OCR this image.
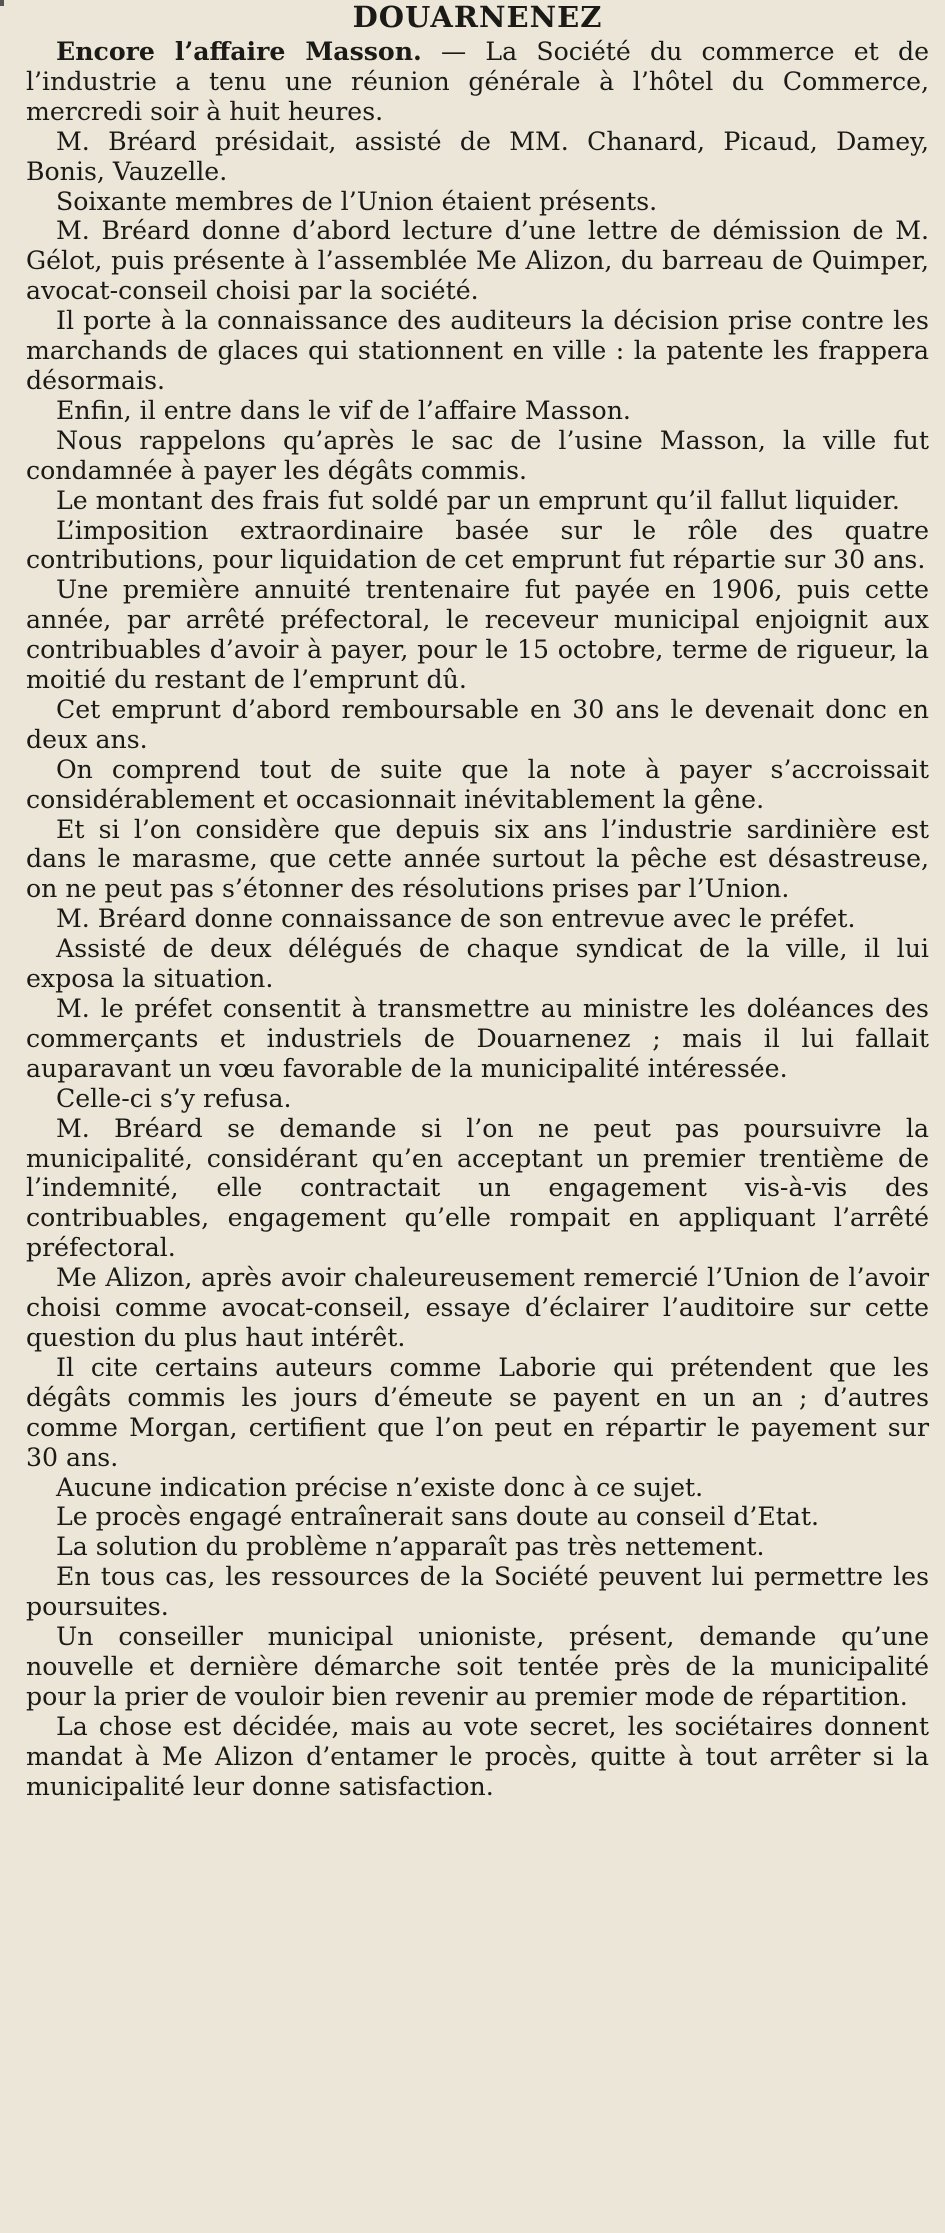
DOUARNENEZ

Encore l’affaire Masson. — La Société du commerce et de l’industrie a tenu une réunion générale à l’hôtel du Commerce, mercredi soir à huit heures.

M. Bréard présidait, assisté de MM. Chanard, Picaud, Damey, Bonis, Vauzelle.

Soixante membres de l’Union étaient présents.

M. Bréard donne d’abord lecture d’une lettre de démission de M. Gélot, puis présente à l’assemblée Me Alizon, du barreau de Quimper, avocat-conseil choisi par la société.

Il porte à la connaissance des auditeurs la décision prise contre les marchands de glaces qui stationnent en ville : la patente les frappera désormais.

Enfin, il entre dans le vif de l’affaire Masson.

Nous rappelons qu’après le sac de l’usine Masson, la ville fut condamnée à payer les dégâts commis.

Le montant des frais fut soldé par un emprunt qu’il fallut liquider.

L’imposition extraordinaire basée sur le rôle des quatre contributions, pour liquidation de cet emprunt fut répartie sur 30 ans.

Une première annuité trentenaire fut payée en 1906, puis cette année, par arrêté préfectoral, le receveur municipal enjoignit aux contribuables d’avoir à payer, pour le 15 octobre, terme de rigueur, la moitié du restant de l’emprunt dû.

Cet emprunt d’abord remboursable en 30 ans le devenait donc en deux ans.

On comprend tout de suite que la note à payer s’accroissait considérablement et occasionnait inévitablement la gêne.

Et si l’on considère que depuis six ans l’industrie sardinière est dans le marasme, que cette année surtout la pêche est désastreuse, on ne peut pas s’étonner des résolutions prises par l’Union.

M. Bréard donne connaissance de son entrevue avec le préfet.

Assisté de deux délégués de chaque syndicat de la ville, il lui exposa la situation.

M. le préfet consentit à transmettre au ministre les doléances des commerçants et industriels de Douarnenez ; mais il lui fallait auparavant un vœu favorable de la municipalité intéressée.

Celle-ci s’y refusa.

M. Bréard se demande si l’on ne peut pas poursuivre la municipalité, considérant qu’en acceptant un premier trentième de l’indemnité, elle contractait un engagement vis-à-vis des contribuables, engagement qu’elle rompait en appliquant l’arrêté préfectoral.

Me Alizon, après avoir chaleureusement remercié l’Union de l’avoir choisi comme avocat-conseil, essaye d’éclairer l’auditoire sur cette question du plus haut intérêt.

Il cite certains auteurs comme Laborie qui prétendent que les dégâts commis les jours d’émeute se payent en un an ; d’autres comme Morgan, certifient que l’on peut en répartir le payement sur 30 ans.

Aucune indication précise n’existe donc à ce sujet.

Le procès engagé entraînerait sans doute au conseil d’Etat.

La solution du problème n’apparaît pas très nettement.

En tous cas, les ressources de la Société peuvent lui permettre les poursuites.

Un conseiller municipal unioniste, présent, demande qu’une nouvelle et dernière démarche soit tentée près de la municipalité pour la prier de vouloir bien revenir au premier mode de répartition.

La chose est décidée, mais au vote secret, les sociétaires donnent mandat à Me Alizon d’entamer le procès, quitte à tout arrêter si la municipalité leur donne satisfaction.
